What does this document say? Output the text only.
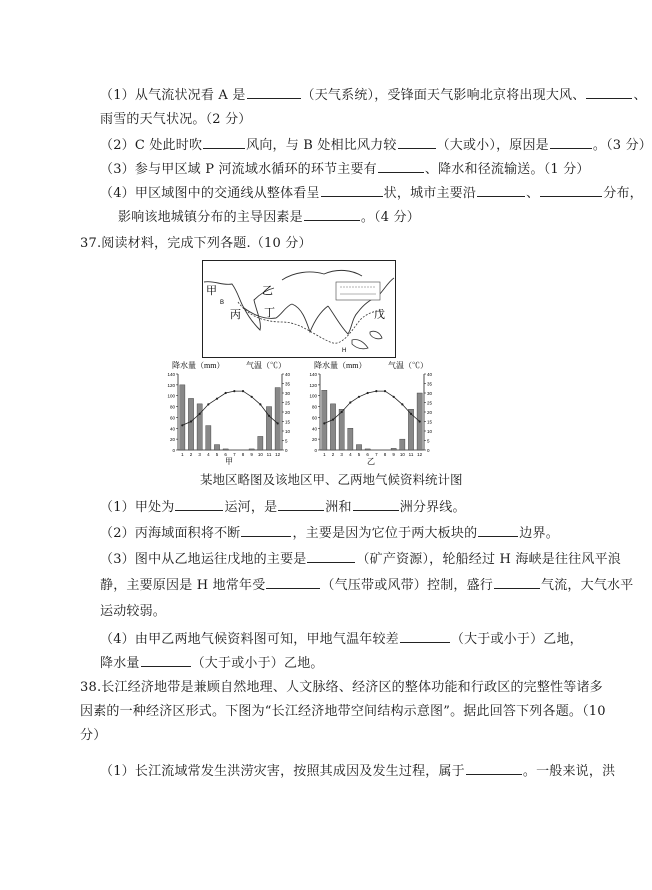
（1）从气流状况看 A 是	（天气系统），受锋面天气影响北京将出现大风、	、
雨雪的天气状况。（2 分）
（2）C 处此时吹	风向，与 B 处相比风力较	（大或小），原因是	。（3 分）
（3）参与甲区域 P 河流域水循环的环节主要有	、降水和径流输送。（1 分）
（4）甲区域图中的交通线从整体看呈	状，城市主要沿	、	分布，
影响该地城镇分布的主导因素是	。（4 分）
37.阅读材料，完成下列各题.（10 分）
甲
B
乙
丙 丁	戊
H
降水量（mm）	气温（℃）
0
20
40
60
80
100
120
140
0
5
10
15
20
25
30
35
40
1 2 3 4 5 6 7 8 9 10 11 12
甲
降水量（mm）	气温（℃）
0
20
40
60
80
100
120
140
0
5
10
15
20
25
30
35
40
1 2 3 4 5 6 7 8 9 10 11 12
乙
某地区略图及该地区甲、乙两地气候资料统计图
（1）甲处为	运河，是	洲和	洲分界线。
（2）丙海域面积将不断	，主要是因为它位于两大板块的	边界。
（3）图中从乙地运往戊地的主要是	（矿产资源），轮船经过 H 海峡是往往风平浪
静，主要原因是 H 地常年受	（气压带或风带）控制，盛行	气流，大气水平
运动较弱。
（4）由甲乙两地气候资料图可知，甲地气温年较差	（大于或小于）乙地，
降水量	（大于或小于）乙地。
38.长江经济地带是兼顾自然地理、人文脉络、经济区的整体功能和行政区的完整性等诸多
因素的一种经济区形式。下图为“长江经济地带空间结构示意图”。据此回答下列各题。（10
分）
（1）长江流域常发生洪涝灾害，按照其成因及发生过程，属于	。一般来说，洪
